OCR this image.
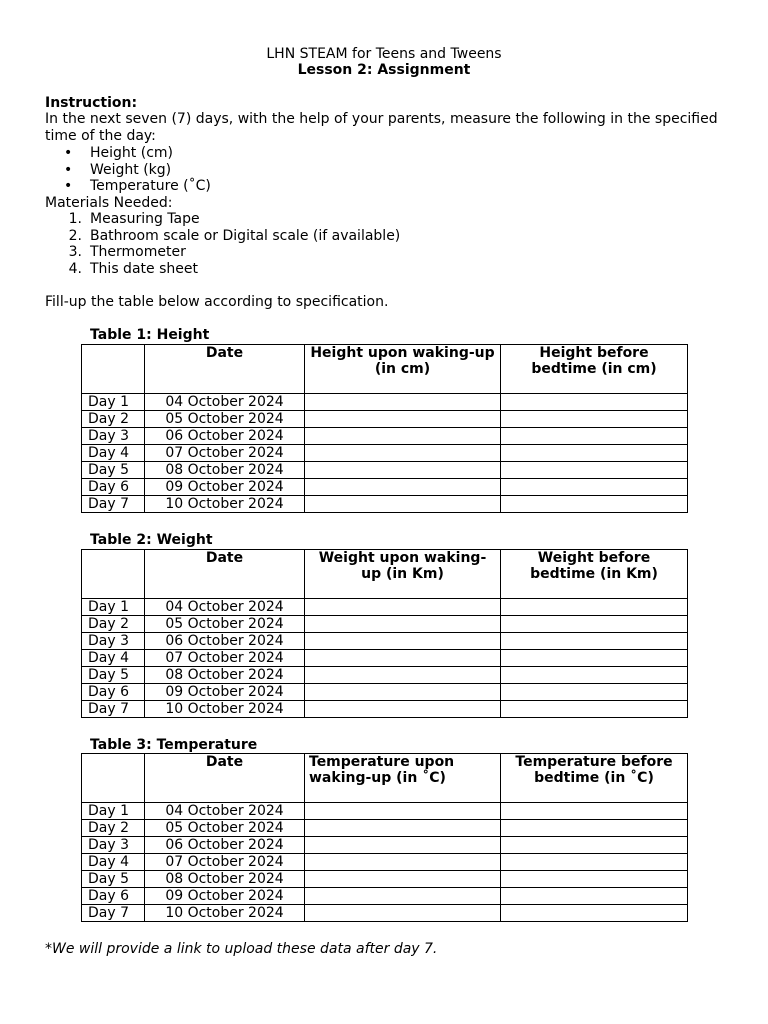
LHN STEAM for Teens and Tweens
Lesson 2: Assignment
Instruction:
In the next seven (7) days, with the help of your parents, measure the following in the specified time of the day:
• Height (cm)
• Weight (kg)
• Temperature (˚C)
Materials Needed:
1. Measuring Tape
2. Bathroom scale or Digital scale (if available)
3. Thermometer
4. This date sheet
Fill-up the table below according to specification.
Table 1: Height
	Date	Height upon waking-up (in cm)	Height before bedtime (in cm)
Day 1	04 October 2024		
Day 2	05 October 2024		
Day 3	06 October 2024		
Day 4	07 October 2024		
Day 5	08 October 2024		
Day 6	09 October 2024		
Day 7	10 October 2024		
Table 2: Weight
	Date	Weight upon waking-up (in Km)	Weight before bedtime (in Km)
Day 1	04 October 2024		
Day 2	05 October 2024		
Day 3	06 October 2024		
Day 4	07 October 2024		
Day 5	08 October 2024		
Day 6	09 October 2024		
Day 7	10 October 2024		
Table 3: Temperature
	Date	Temperature upon waking-up (in ˚C)	Temperature before bedtime (in ˚C)
Day 1	04 October 2024		
Day 2	05 October 2024		
Day 3	06 October 2024		
Day 4	07 October 2024		
Day 5	08 October 2024		
Day 6	09 October 2024		
Day 7	10 October 2024		
*We will provide a link to upload these data after day 7.
